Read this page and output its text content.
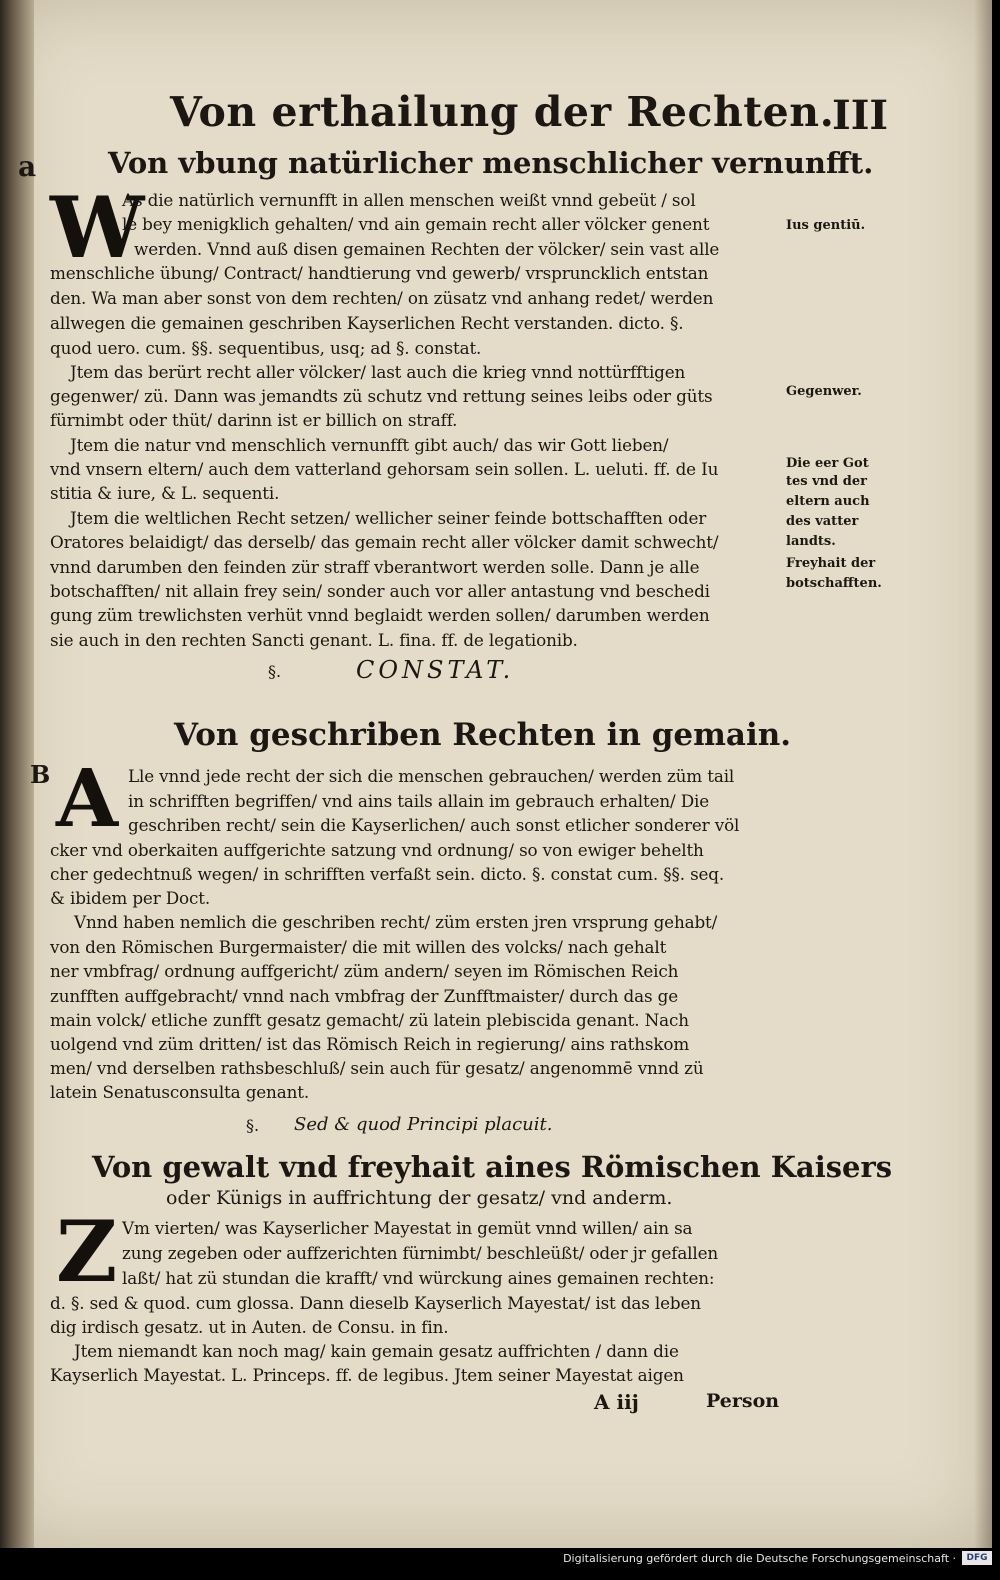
Von erthailung der Rechten.
III
a Von vbung natürlicher menschlicher vernunfft.
W
As die natürlich vernunfft in allen menschen weißt vnnd gebeüt / sol
le bey menigklich gehalten/ vnd ain gemain recht aller völcker genent
werden. Vnnd auß disen gemainen Rechten der völcker/ sein vast alle
menschliche übung/ Contract/ handtierung vnd gewerb/ vrspruncklich entstan
den. Wa man aber sonst von dem rechten/ on züsatz vnd anhang redet/ werden
allwegen die gemainen geschriben Kayserlichen Recht verstanden. dicto. §.
quod uero. cum. §§. sequentibus, usq; ad §. constat.
Jtem das berürt recht aller völcker/ last auch die krieg vnnd nottürfftigen
gegenwer/ zü. Dann was jemandts zü schutz vnd rettung seines leibs oder güts
fürnimbt oder thüt/ darinn ist er billich on straff.
Jtem die natur vnd menschlich vernunfft gibt auch/ das wir Gott lieben/
vnd vnsern eltern/ auch dem vatterland gehorsam sein sollen. L. ueluti. ff. de Iu
stitia & iure, & L. sequenti.
Jtem die weltlichen Recht setzen/ wellicher seiner feinde bottschafften oder
Oratores belaidigt/ das derselb/ das gemain recht aller völcker damit schwecht/
vnnd darumben den feinden zür straff vberantwort werden solle. Dann je alle
botschafften/ nit allain frey sein/ sonder auch vor aller antastung vnd beschedi
gung züm trewlichsten verhüt vnnd beglaidt werden sollen/ darumben werden
sie auch in den rechten Sancti genant. L. fina. ff. de legationib.
Ius gentiū.
Gegenwer.
Die eer Got
tes vnd der
eltern auch
des vatter
landts.
Freyhait der
botschafften.
§.	CONSTAT.
Von geschriben Rechten in gemain.
B A Lle vnnd jede recht der sich die menschen gebrauchen/ werden züm tail
in schrifften begriffen/ vnd ains tails allain im gebrauch erhalten/ Die
geschriben recht/ sein die Kayserlichen/ auch sonst etlicher sonderer völ
cker vnd oberkaiten auffgerichte satzung vnd ordnung/ so von ewiger behelth
cher gedechtnuß wegen/ in schrifften verfaßt sein. dicto. §. constat cum. §§. seq.
& ibidem per Doct.
Vnnd haben nemlich die geschriben recht/ züm ersten jren vrsprung gehabt/
von den Römischen Burgermaister/ die mit willen des volcks/ nach gehalt
ner vmbfrag/ ordnung auffgericht/ züm andern/ seyen im Römischen Reich
zunfften auffgebracht/ vnnd nach vmbfrag der Zunfftmaister/ durch das ge
main volck/ etliche zunfft gesatz gemacht/ zü latein plebiscida genant. Nach
uolgend vnd züm dritten/ ist das Römisch Reich in regierung/ ains rathskom
men/ vnd derselben rathsbeschluß/ sein auch für gesatz/ angenommē vnnd zü
latein Senatusconsulta genant.
§. Sed & quod Principi placuit.
Von gewalt vnd freyhait aines Römischen Kaisers
oder Künigs in auffrichtung der gesatz/ vnd anderm.
Z Vm vierten/ was Kayserlicher Mayestat in gemüt vnnd willen/ ain sa
zung zegeben oder auffzerichten fürnimbt/ beschleüßt/ oder jr gefallen
laßt/ hat zü stundan die krafft/ vnd würckung aines gemainen rechten:
d. §. sed & quod. cum glossa. Dann dieselb Kayserlich Mayestat/ ist das leben
dig irdisch gesatz. ut in Auten. de Consu. in fin.
Jtem niemandt kan noch mag/ kain gemain gesatz auffrichten / dann die
Kayserlich Mayestat. L. Princeps. ff. de legibus. Jtem seiner Mayestat aigen
A iij	Person
Digitalisierung gefördert durch die Deutsche Forschungsgemeinschaft ·	DFG
